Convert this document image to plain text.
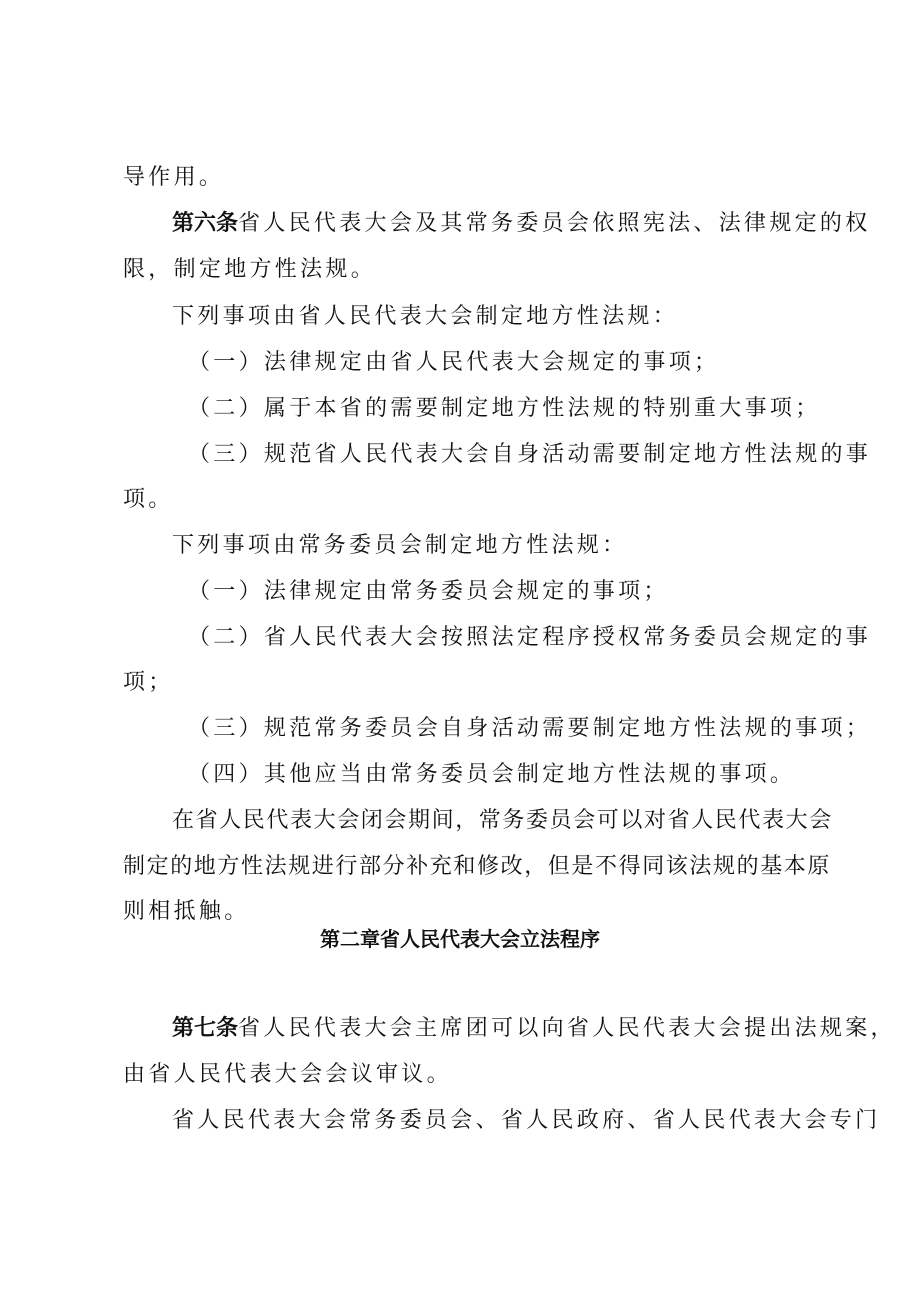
导作用。
第六条省人民代表大会及其常务委员会依照宪法、法律规定的权
限，制定地方性法规。
下列事项由省人民代表大会制定地方性法规：
（一）法律规定由省人民代表大会规定的事项；
（二）属于本省的需要制定地方性法规的特别重大事项；
（三）规范省人民代表大会自身活动需要制定地方性法规的事
项。
下列事项由常务委员会制定地方性法规：
（一）法律规定由常务委员会规定的事项；
（二）省人民代表大会按照法定程序授权常务委员会规定的事
项；
（三）规范常务委员会自身活动需要制定地方性法规的事项；
（四）其他应当由常务委员会制定地方性法规的事项。
在省人民代表大会闭会期间，常务委员会可以对省人民代表大会
制定的地方性法规进行部分补充和修改，但是不得同该法规的基本原
则相抵触。
第二章省人民代表大会立法程序
第七条省人民代表大会主席团可以向省人民代表大会提出法规案，
由省人民代表大会会议审议。
省人民代表大会常务委员会、省人民政府、省人民代表大会专门
